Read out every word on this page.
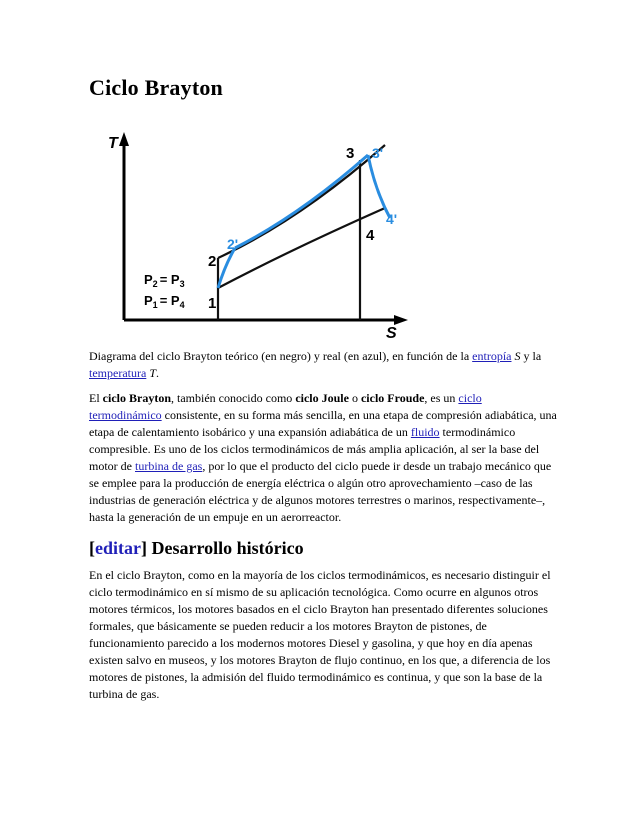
Ciclo Brayton
T
S
1
2
3
4
2'
3'
4'
$P_2 = P_3$
$P_1 = P_4$
Diagrama del ciclo Brayton teórico (en negro) y real (en azul), en función de la entropía S y la temperatura T.
El ciclo Brayton, también conocido como ciclo Joule o ciclo Froude, es un ciclo termodinámico consistente, en su forma más sencilla, en una etapa de compresión adiabática, una etapa de calentamiento isobárico y una expansión adiabática de un fluido termodinámico compresible. Es uno de los ciclos termodinámicos de más amplia aplicación, al ser la base del motor de turbina de gas, por lo que el producto del ciclo puede ir desde un trabajo mecánico que se emplee para la producción de energía eléctrica o algún otro aprovechamiento –caso de las industrias de generación eléctrica y de algunos motores terrestres o marinos, respectivamente–, hasta la generación de un empuje en un aerorreactor.
[editar] Desarrollo histórico
En el ciclo Brayton, como en la mayoría de los ciclos termodinámicos, es necesario distinguir el ciclo termodinámico en sí mismo de su aplicación tecnológica. Como ocurre en algunos otros motores térmicos, los motores basados en el ciclo Brayton han presentado diferentes soluciones formales, que básicamente se pueden reducir a los motores Brayton de pistones, de funcionamiento parecido a los modernos motores Diesel y gasolina, y que hoy en día apenas existen salvo en museos, y los motores Brayton de flujo continuo, en los que, a diferencia de los motores de pistones, la admisión del fluido termodinámico es continua, y que son la base de la turbina de gas.
